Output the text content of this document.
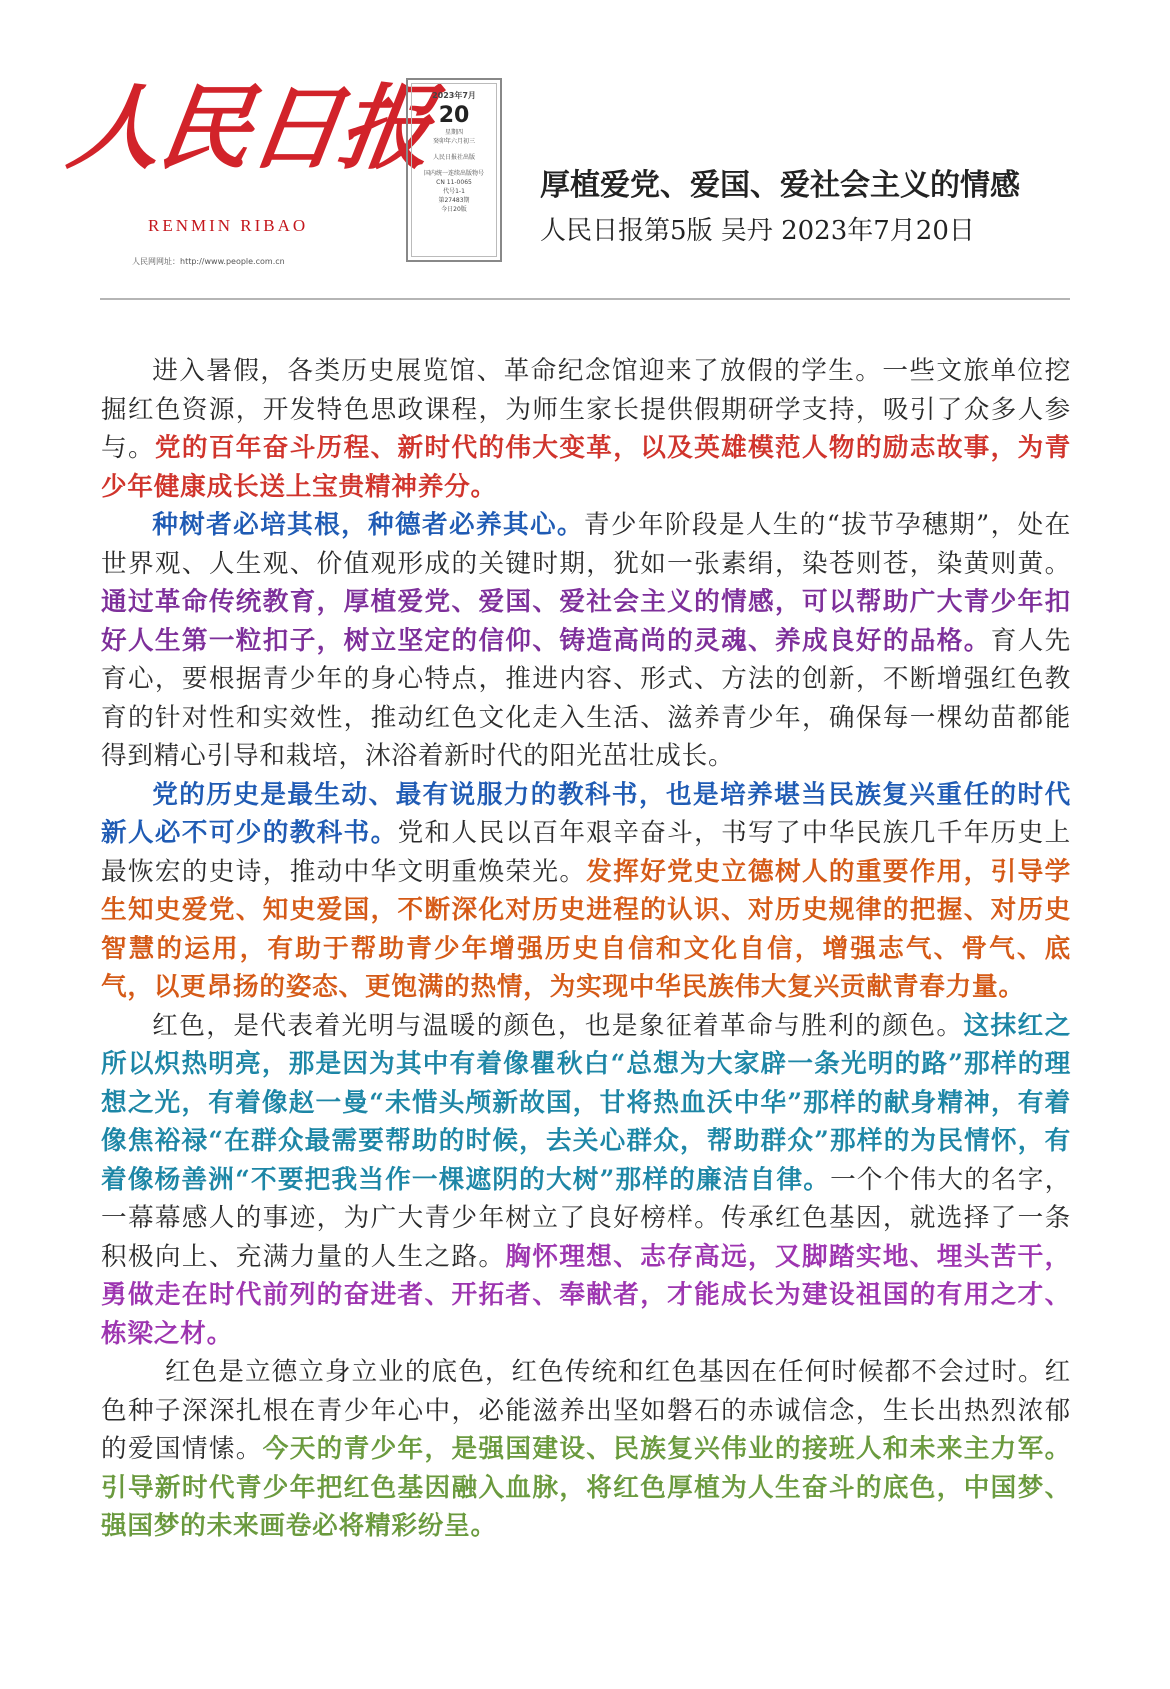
人民日报
RENMIN RIBAO
人民网网址：http://www.people.com.cn
2023年7月
20
星期四
癸卯年六月初三
人民日报社出版
国内统一连续出版物号
CN 11-0065
代号1-1
第27483期
今日20版
厚植爱党、爱国、爱社会主义的情感
人民日报第5版 吴丹 2023年7月20日

进入暑假，各类历史展览馆、革命纪念馆迎来了放假的学生。一些文旅单位挖掘红色资源，开发特色思政课程，为师生家长提供假期研学支持，吸引了众多人参与。党的百年奋斗历程、新时代的伟大变革，以及英雄模范人物的励志故事，为青少年健康成长送上宝贵精神养分。

种树者必培其根，种德者必养其心。青少年阶段是人生的“拔节孕穗期”，处在世界观、人生观、价值观形成的关键时期，犹如一张素绢，染苍则苍，染黄则黄。通过革命传统教育，厚植爱党、爱国、爱社会主义的情感，可以帮助广大青少年扣好人生第一粒扣子，树立坚定的信仰、铸造高尚的灵魂、养成良好的品格。育人先育心，要根据青少年的身心特点，推进内容、形式、方法的创新，不断增强红色教育的针对性和实效性，推动红色文化走入生活、滋养青少年，确保每一棵幼苗都能得到精心引导和栽培，沐浴着新时代的阳光茁壮成长。

党的历史是最生动、最有说服力的教科书，也是培养堪当民族复兴重任的时代新人必不可少的教科书。党和人民以百年艰辛奋斗，书写了中华民族几千年历史上最恢宏的史诗，推动中华文明重焕荣光。发挥好党史立德树人的重要作用，引导学生知史爱党、知史爱国，不断深化对历史进程的认识、对历史规律的把握、对历史智慧的运用，有助于帮助青少年增强历史自信和文化自信，增强志气、骨气、底气，以更昂扬的姿态、更饱满的热情，为实现中华民族伟大复兴贡献青春力量。

红色，是代表着光明与温暖的颜色，也是象征着革命与胜利的颜色。这抹红之所以炽热明亮，那是因为其中有着像瞿秋白“总想为大家辟一条光明的路”那样的理想之光，有着像赵一曼“未惜头颅新故国，甘将热血沃中华”那样的献身精神，有着像焦裕禄“在群众最需要帮助的时候，去关心群众，帮助群众”那样的为民情怀，有着像杨善洲“不要把我当作一棵遮阴的大树”那样的廉洁自律。一个个伟大的名字，一幕幕感人的事迹，为广大青少年树立了良好榜样。传承红色基因，就选择了一条积极向上、充满力量的人生之路。胸怀理想、志存高远，又脚踏实地、埋头苦干，勇做走在时代前列的奋进者、开拓者、奉献者，才能成长为建设祖国的有用之才、栋梁之材。

红色是立德立身立业的底色，红色传统和红色基因在任何时候都不会过时。红色种子深深扎根在青少年心中，必能滋养出坚如磐石的赤诚信念，生长出热烈浓郁的爱国情愫。今天的青少年，是强国建设、民族复兴伟业的接班人和未来主力军。引导新时代青少年把红色基因融入血脉，将红色厚植为人生奋斗的底色，中国梦、强国梦的未来画卷必将精彩纷呈。
